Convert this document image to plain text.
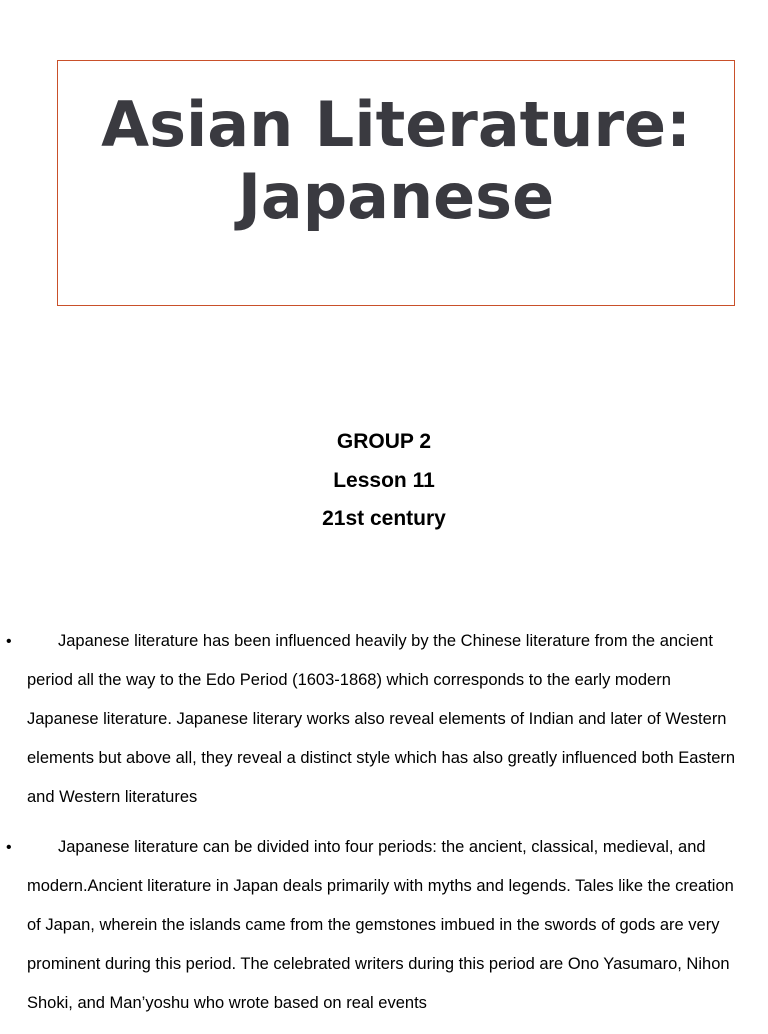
Asian Literature:
Japanese
GROUP 2
Lesson 11
21st century
•	Japanese literature has been influenced heavily by the Chinese literature from the ancient period all the way to the Edo Period (1603-1868) which corresponds to the early modern Japanese literature. Japanese literary works also reveal elements of Indian and later of Western elements but above all, they reveal a distinct style which has also greatly influenced both Eastern and Western literatures
•	Japanese literature can be divided into four periods: the ancient, classical, medieval, and modern.Ancient literature in Japan deals primarily with myths and legends. Tales like the creation of Japan, wherein the islands came from the gemstones imbued in the swords of gods are very prominent during this period. The celebrated writers during this period are Ono Yasumaro, Nihon Shoki, and Man’yoshu who wrote based on real events
